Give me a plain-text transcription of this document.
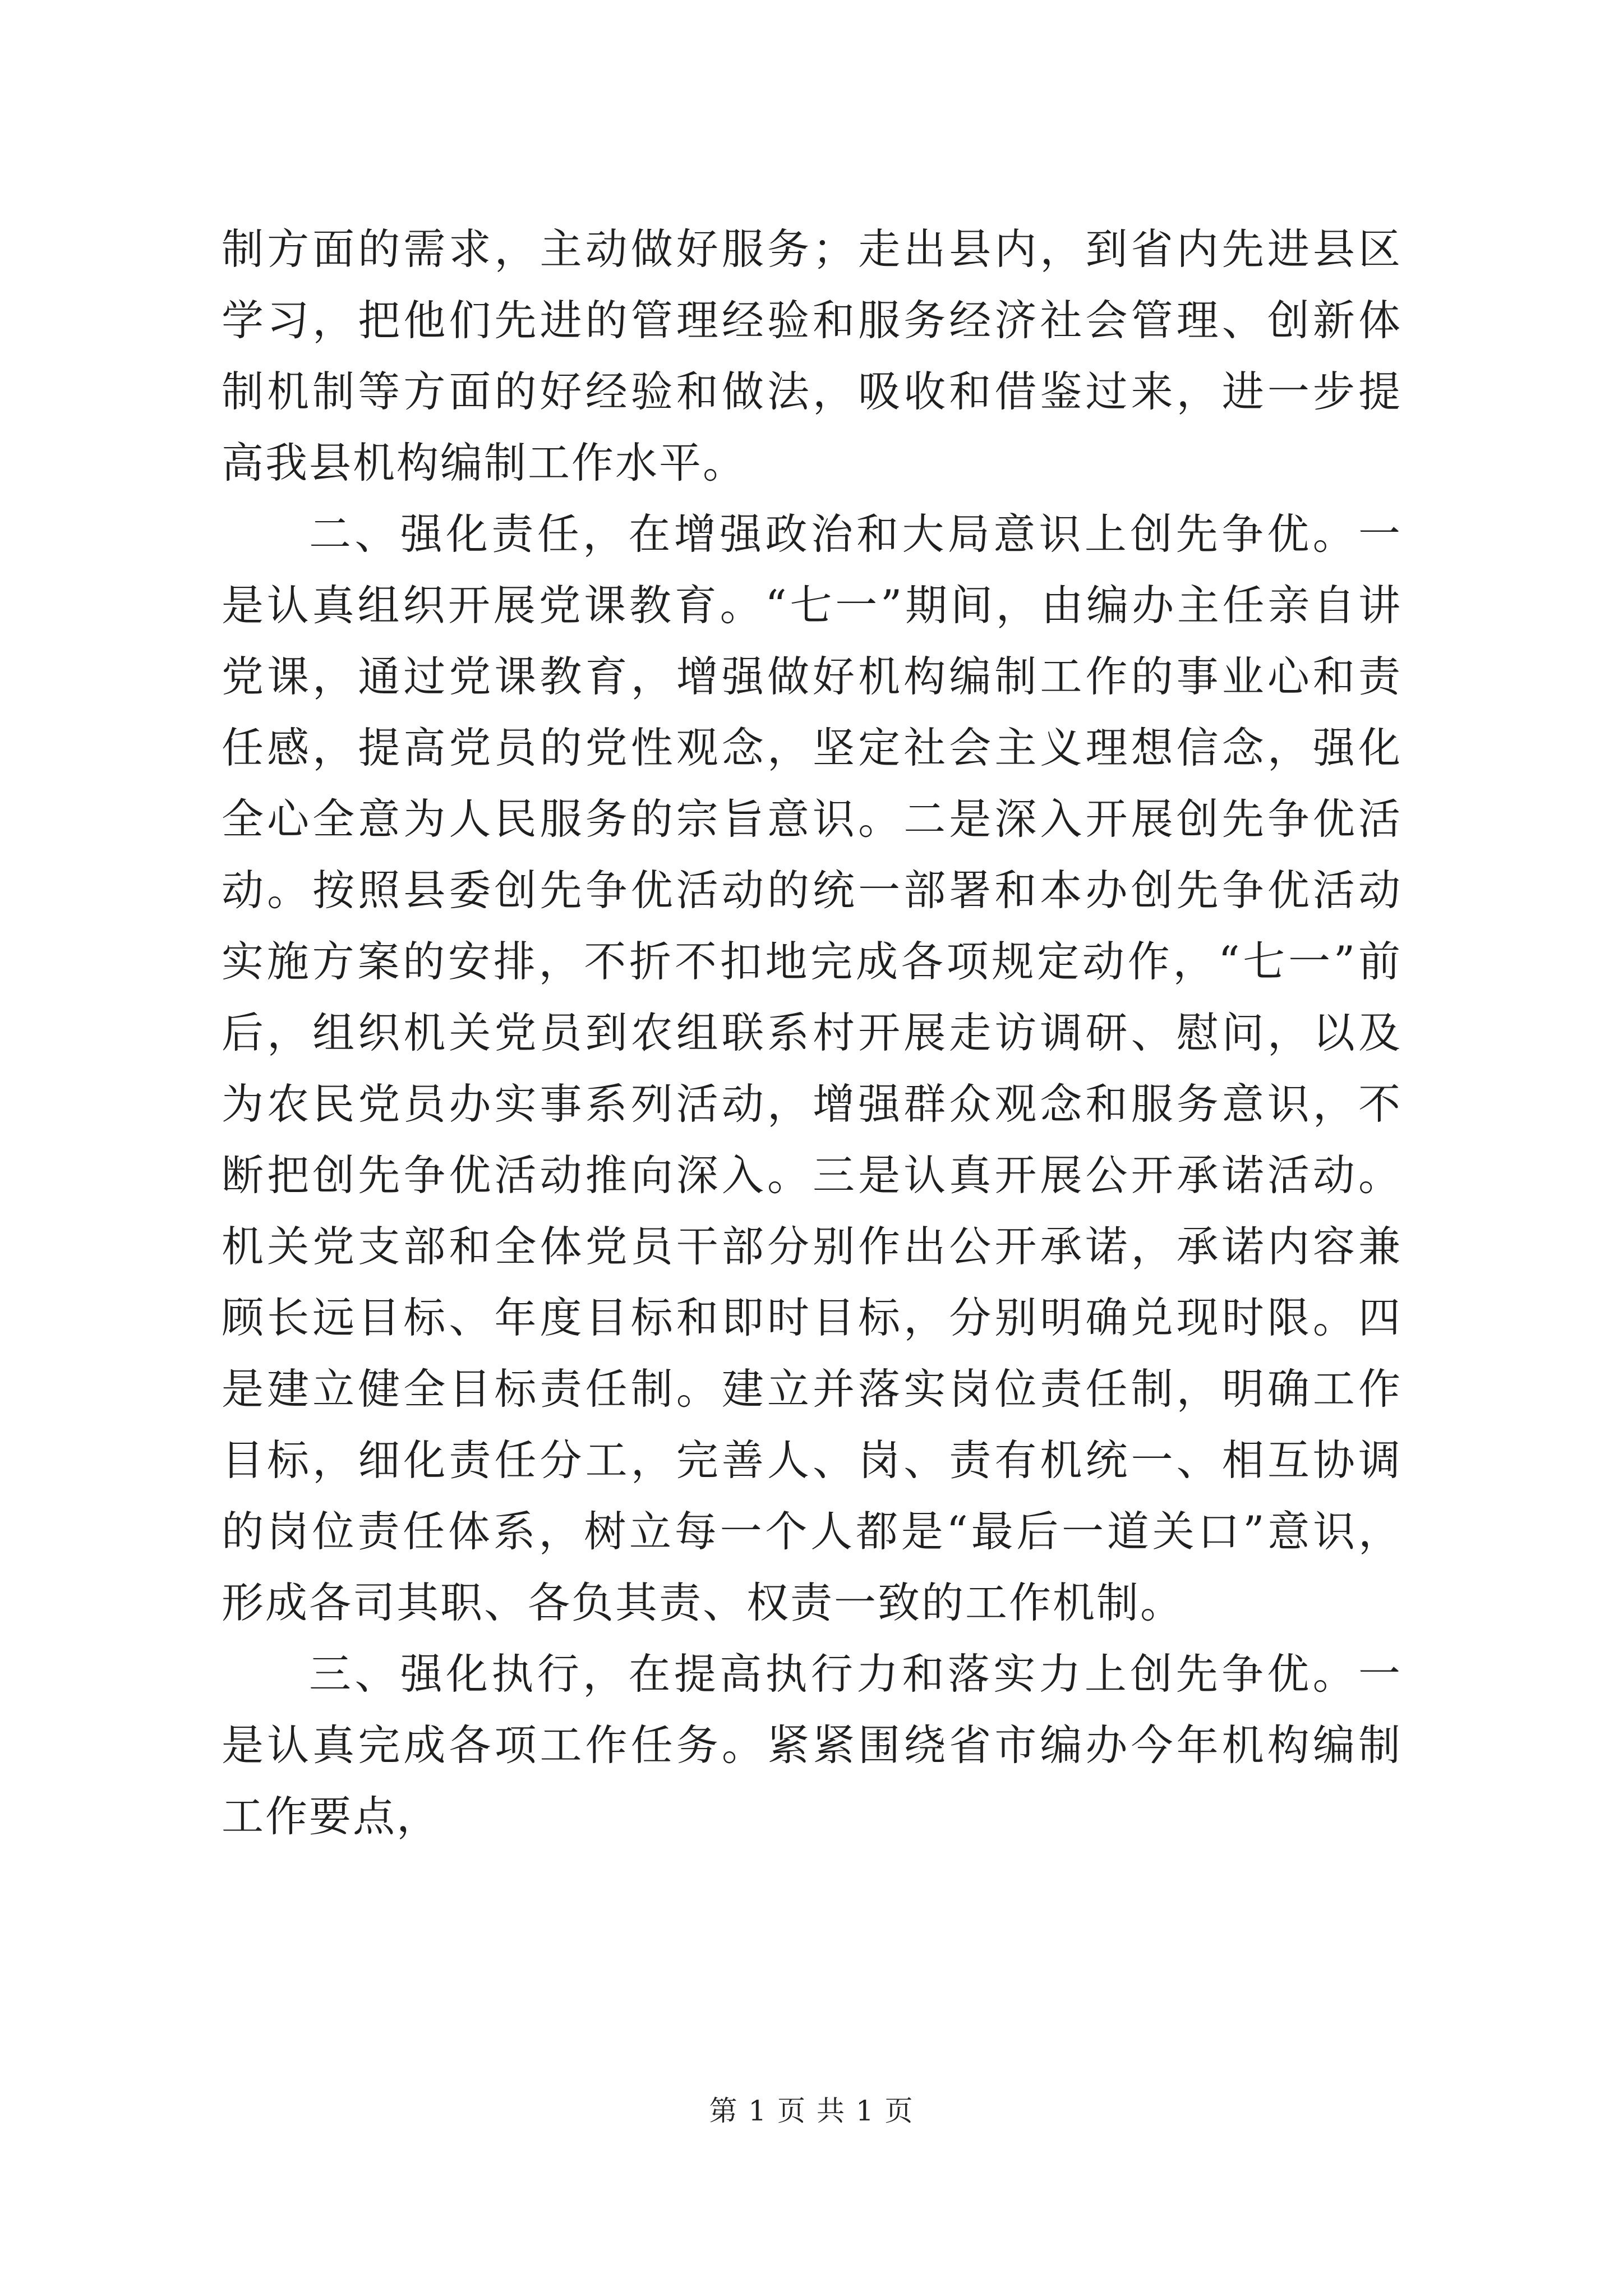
制方面的需求，主动做好服务；走出县内，到省内先进县区学习，把他们先进的管理经验和服务经济社会管理、创新体制机制等方面的好经验和做法，吸收和借鉴过来，进一步提高我县机构编制工作水平。

二、强化责任，在增强政治和大局意识上创先争优。一是认真组织开展党课教育。“七一”期间，由编办主任亲自讲党课，通过党课教育，增强做好机构编制工作的事业心和责任感，提高党员的党性观念，坚定社会主义理想信念，强化全心全意为人民服务的宗旨意识。二是深入开展创先争优活动。按照县委创先争优活动的统一部署和本办创先争优活动实施方案的安排，不折不扣地完成各项规定动作，“七一”前后，组织机关党员到农组联系村开展走访调研、慰问，以及为农民党员办实事系列活动，增强群众观念和服务意识，不断把创先争优活动推向深入。三是认真开展公开承诺活动。机关党支部和全体党员干部分别作出公开承诺，承诺内容兼顾长远目标、年度目标和即时目标，分别明确兑现时限。四是建立健全目标责任制。建立并落实岗位责任制，明确工作目标，细化责任分工，完善人、岗、责有机统一、相互协调的岗位责任体系，树立每一个人都是“最后一道关口”意识，形成各司其职、各负其责、权责一致的工作机制。

三、强化执行，在提高执行力和落实力上创先争优。一是认真完成各项工作任务。紧紧围绕省市编办今年机构编制工作要点，

第 1 页 共 1 页
